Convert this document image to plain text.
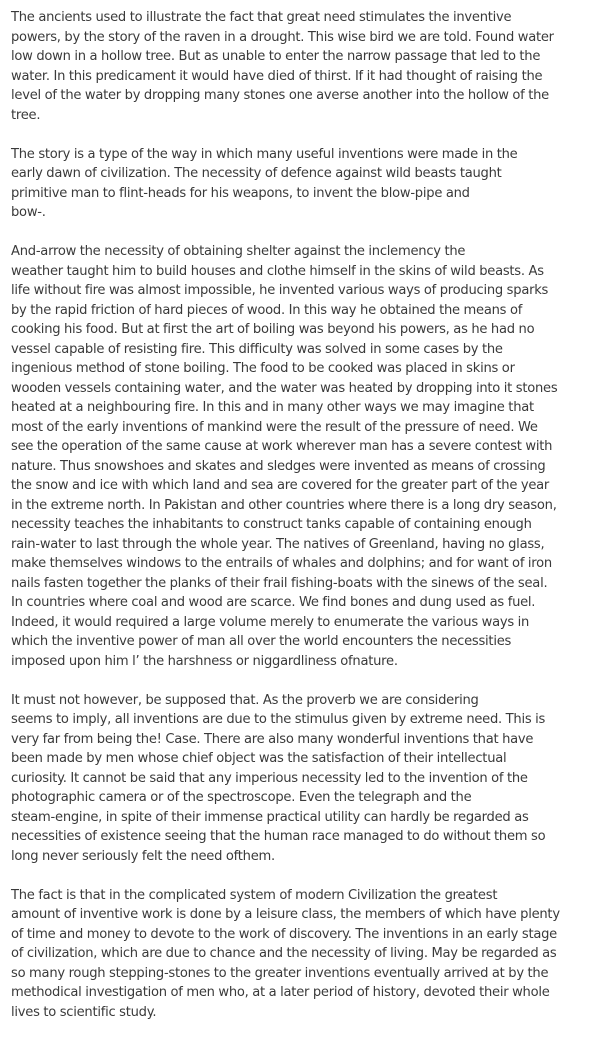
The ancients used to illustrate the fact that great need stimulates the inventive
powers, by the story of the raven in a drought. This wise bird we are told. Found water
low down in a hollow tree. But as unable to enter the narrow passage that led to the
water. In this predicament it would have died of thirst. If it had thought of raising the
level of the water by dropping many stones one averse another into the hollow of the
tree.

The story is a type of the way in which many useful inventions were made in the
early dawn of civilization. The necessity of defence against wild beasts taught
primitive man to flint-heads for his weapons, to invent the blow-pipe and
bow-.

And-arrow the necessity of obtaining shelter against the inclemency the
weather taught him to build houses and clothe himself in the skins of wild beasts. As
life without fire was almost impossible, he invented various ways of producing sparks
by the rapid friction of hard pieces of wood. In this way he obtained the means of
cooking his food. But at first the art of boiling was beyond his powers, as he had no
vessel capable of resisting fire. This difficulty was solved in some cases by the
ingenious method of stone boiling. The food to be cooked was placed in skins or
wooden vessels containing water, and the water was heated by dropping into it stones
heated at a neighbouring fire. In this and in many other ways we may imagine that
most of the early inventions of mankind were the result of the pressure of need. We
see the operation of the same cause at work wherever man has a severe contest with
nature. Thus snowshoes and skates and sledges were invented as means of crossing
the snow and ice with which land and sea are covered for the greater part of the year
in the extreme north. In Pakistan and other countries where there is a long dry season,
necessity teaches the inhabitants to construct tanks capable of containing enough
rain-water to last through the whole year. The natives of Greenland, having no glass,
make themselves windows to the entrails of whales and dolphins; and for want of iron
nails fasten together the planks of their frail fishing-boats with the sinews of the seal.
In countries where coal and wood are scarce. We find bones and dung used as fuel.
Indeed, it would required a large volume merely to enumerate the various ways in
which the inventive power of man all over the world encounters the necessities
imposed upon him l’ the harshness or niggardliness ofnature.

It must not however, be supposed that. As the proverb we are considering
seems to imply, all inventions are due to the stimulus given by extreme need. This is
very far from being the! Case. There are also many wonderful inventions that have
been made by men whose chief object was the satisfaction of their intellectual
curiosity. It cannot be said that any imperious necessity led to the invention of the
photographic camera or of the spectroscope. Even the telegraph and the
steam-engine, in spite of their immense practical utility can hardly be regarded as
necessities of existence seeing that the human race managed to do without them so
long never seriously felt the need ofthem.

The fact is that in the complicated system of modern Civilization the greatest
amount of inventive work is done by a leisure class, the members of which have plenty
of time and money to devote to the work of discovery. The inventions in an early stage
of civilization, which are due to chance and the necessity of living. May be regarded as
so many rough stepping-stones to the greater inventions eventually arrived at by the
methodical investigation of men who, at a later period of history, devoted their whole
lives to scientific study.
